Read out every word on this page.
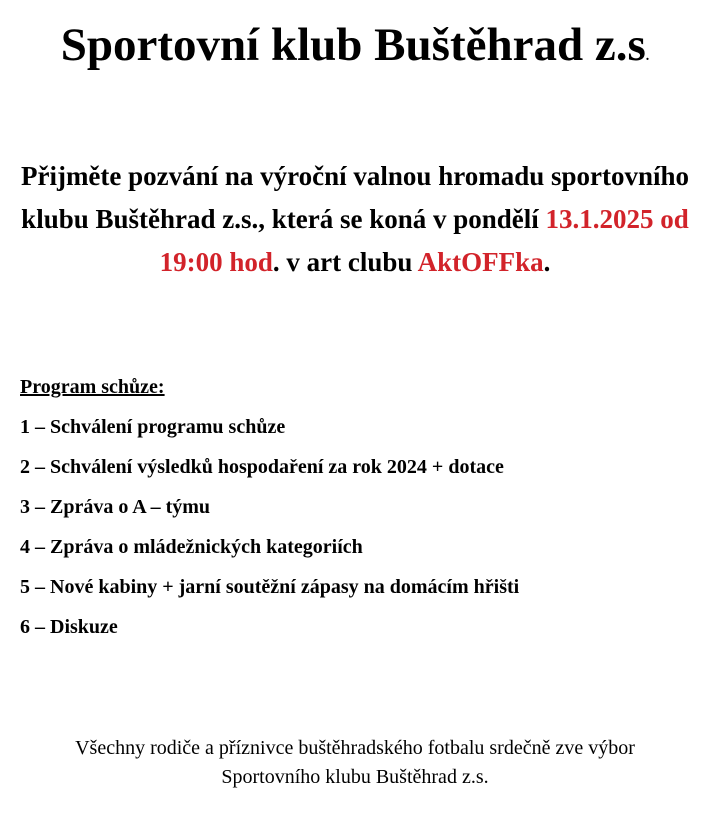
Sportovní klub Buštěhrad z.s.
Přijměte pozvání na výroční valnou hromadu sportovního klubu Buštěhrad z.s., která se koná v pondělí 13.1.2025 od 19:00 hod. v art clubu AktOFFka.
Program schůze:
1 – Schválení programu schůze
2 – Schválení výsledků hospodaření za rok 2024 + dotace
3 – Zpráva o A – týmu
4 – Zpráva o mládežnických kategoriích
5 – Nové kabiny + jarní soutěžní zápasy na domácím hřišti
6 – Diskuze
Všechny rodiče a příznivce buštěhradského fotbalu srdečně zve výbor
Sportovního klubu Buštěhrad z.s.
